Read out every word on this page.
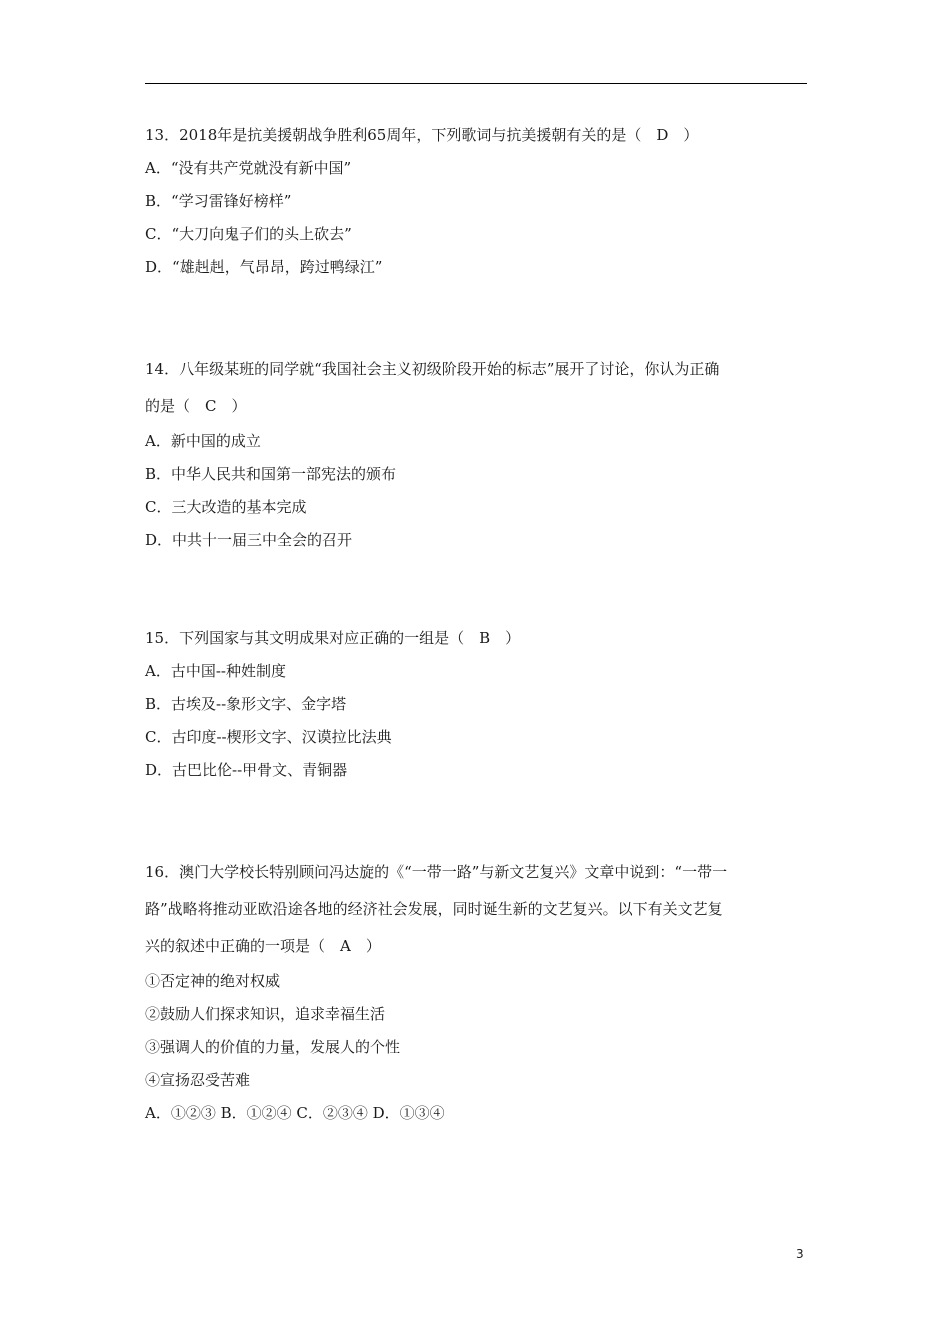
13．2018年是抗美援朝战争胜利65周年，下列歌词与抗美援朝有关的是（　D　）
A．“没有共产党就没有新中国”
B．“学习雷锋好榜样”
C．“大刀向鬼子们的头上砍去”
D．“雄赳赳，气昂昂，跨过鸭绿江”
14．八年级某班的同学就“我国社会主义初级阶段开始的标志”展开了讨论，你认为正确
的是（　C　）
A．新中国的成立
B．中华人民共和国第一部宪法的颁布
C．三大改造的基本完成
D．中共十一届三中全会的召开
15．下列国家与其文明成果对应正确的一组是（　B　）
A．古中国--种姓制度
B．古埃及--象形文字、金字塔
C．古印度--楔形文字、汉谟拉比法典
D．古巴比伦--甲骨文、青铜器
16．澳门大学校长特别顾问冯达旋的《“一带一路”与新文艺复兴》文章中说到：“一带一
路”战略将推动亚欧沿途各地的经济社会发展，同时诞生新的文艺复兴。以下有关文艺复
兴的叙述中正确的一项是（　A　）
①否定神的绝对权威
②鼓励人们探求知识，追求幸福生活
③强调人的价值的力量，发展人的个性
④宣扬忍受苦难
A．①②③ B．①②④ C．②③④ D．①③④
3
